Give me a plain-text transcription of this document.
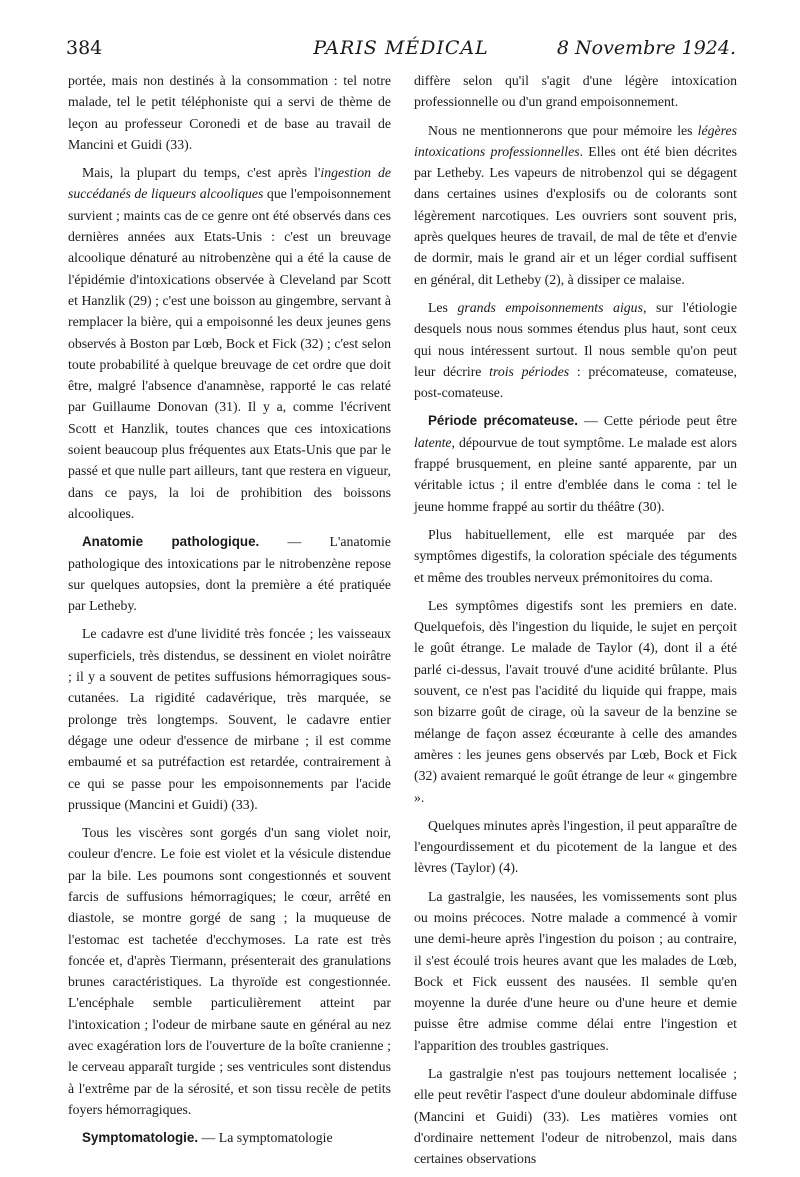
384	PARIS MÉDICAL	8 Novembre 1924.

portée, mais non destinés à la consommation : tel notre malade, tel le petit téléphoniste qui a servi de thème de leçon au professeur Coronedi et de base au travail de Mancini et Guidi (33).

Mais, la plupart du temps, c'est après l'ingestion de succédanés de liqueurs alcooliques que l'empoisonnement survient ; maints cas de ce genre ont été observés dans ces dernières années aux Etats-Unis : c'est un breuvage alcoolique dénaturé au nitrobenzène qui a été la cause de l'épidémie d'intoxications observée à Cleveland par Scott et Hanzlik (29) ; c'est une boisson au gingembre, servant à remplacer la bière, qui a empoisonné les deux jeunes gens observés à Boston par Lœb, Bock et Fick (32) ; c'est selon toute probabilité à quelque breuvage de cet ordre que doit être, malgré l'absence d'anamnèse, rapporté le cas relaté par Guillaume Donovan (31). Il y a, comme l'écrivent Scott et Hanzlik, toutes chances que ces intoxications soient beaucoup plus fréquentes aux Etats-Unis que par le passé et que nulle part ailleurs, tant que restera en vigueur, dans ce pays, la loi de prohibition des boissons alcooliques.

Anatomie pathologique. — L'anatomie pathologique des intoxications par le nitrobenzène repose sur quelques autopsies, dont la première a été pratiquée par Letheby.

Le cadavre est d'une lividité très foncée ; les vaisseaux superficiels, très distendus, se dessinent en violet noirâtre ; il y a souvent de petites suffusions hémorragiques sous-cutanées. La rigidité cadavérique, très marquée, se prolonge très longtemps. Souvent, le cadavre entier dégage une odeur d'essence de mirbane ; il est comme embaumé et sa putréfaction est retardée, contrairement à ce qui se passe pour les empoisonnements par l'acide prussique (Mancini et Guidi) (33).

Tous les viscères sont gorgés d'un sang violet noir, couleur d'encre. Le foie est violet et la vésicule distendue par la bile. Les poumons sont congestionnés et souvent farcis de suffusions hémorragiques; le cœur, arrêté en diastole, se montre gorgé de sang ; la muqueuse de l'estomac est tachetée d'ecchymoses. La rate est très foncée et, d'après Tiermann, présenterait des granulations brunes caractéristiques. La thyroïde est congestionnée. L'encéphale semble particulièrement atteint par l'intoxication ; l'odeur de mirbane saute en général au nez avec exagération lors de l'ouverture de la boîte cranienne ; le cerveau apparaît turgide ; ses ventricules sont distendus à l'extrême par de la sérosité, et son tissu recèle de petits foyers hémorragiques.

Symptomatologie. — La symptomatologie

diffère selon qu'il s'agit d'une légère intoxication professionnelle ou d'un grand empoisonnement.

Nous ne mentionnerons que pour mémoire les légères intoxications professionnelles. Elles ont été bien décrites par Letheby. Les vapeurs de nitrobenzol qui se dégagent dans certaines usines d'explosifs ou de colorants sont légèrement narcotiques. Les ouvriers sont souvent pris, après quelques heures de travail, de mal de tête et d'envie de dormir, mais le grand air et un léger cordial suffisent en général, dit Letheby (2), à dissiper ce malaise.

Les grands empoisonnements aigus, sur l'étiologie desquels nous nous sommes étendus plus haut, sont ceux qui nous intéressent surtout. Il nous semble qu'on peut leur décrire trois périodes : précomateuse, comateuse, post-comateuse.

Période précomateuse. — Cette période peut être latente, dépourvue de tout symptôme. Le malade est alors frappé brusquement, en pleine santé apparente, par un véritable ictus ; il entre d'emblée dans le coma : tel le jeune homme frappé au sortir du théâtre (30).

Plus habituellement, elle est marquée par des symptômes digestifs, la coloration spéciale des téguments et même des troubles nerveux prémonitoires du coma.

Les symptômes digestifs sont les premiers en date. Quelquefois, dès l'ingestion du liquide, le sujet en perçoit le goût étrange. Le malade de Taylor (4), dont il a été parlé ci-dessus, l'avait trouvé d'une acidité brûlante. Plus souvent, ce n'est pas l'acidité du liquide qui frappe, mais son bizarre goût de cirage, où la saveur de la benzine se mélange de façon assez écœurante à celle des amandes amères : les jeunes gens observés par Lœb, Bock et Fick (32) avaient remarqué le goût étrange de leur « gingembre ».

Quelques minutes après l'ingestion, il peut apparaître de l'engourdissement et du picotement de la langue et des lèvres (Taylor) (4).

La gastralgie, les nausées, les vomissements sont plus ou moins précoces. Notre malade a commencé à vomir une demi-heure après l'ingestion du poison ; au contraire, il s'est écoulé trois heures avant que les malades de Lœb, Bock et Fick eussent des nausées. Il semble qu'en moyenne la durée d'une heure ou d'une heure et demie puisse être admise comme délai entre l'ingestion et l'apparition des troubles gastriques.

La gastralgie n'est pas toujours nettement localisée ; elle peut revêtir l'aspect d'une douleur abdominale diffuse (Mancini et Guidi) (33). Les matières vomies ont d'ordinaire nettement l'odeur de nitrobenzol, mais dans certaines observations
